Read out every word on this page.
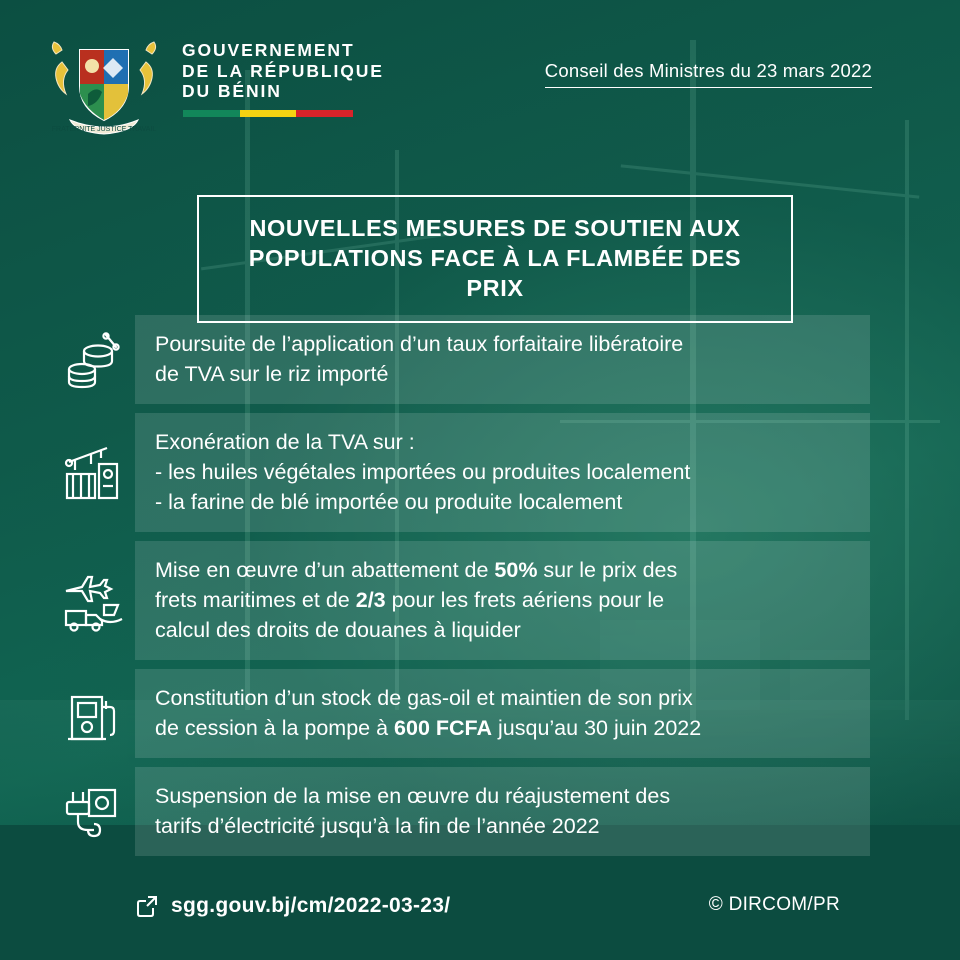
FRATERNITE JUSTICE TRAVAIL
GOUVERNEMENT
DE LA RÉPUBLIQUE
DU BÉNIN
Conseil des Ministres du 23 mars 2022
NOUVELLES MESURES DE SOUTIEN AUX
POPULATIONS FACE À LA FLAMBÉE DES PRIX
Poursuite de l’application d’un taux forfaitaire libératoire
de TVA sur le riz importé
Exonération de la TVA sur :
- les huiles végétales importées ou produites localement
- la farine de blé importée ou produite localement
Mise en œuvre d’un abattement de 50% sur le prix des
frets maritimes et de 2/3 pour les frets aériens pour le
calcul des droits de douanes à liquider
Constitution d’un stock de gas-oil et maintien de son prix
de cession à la pompe à 600 FCFA jusqu’au 30 juin 2022
Suspension de la mise en œuvre du réajustement des
tarifs d’électricité jusqu’à la fin de l’année 2022
sgg.gouv.bj/cm/2022-03-23/	© DIRCOM/PR
